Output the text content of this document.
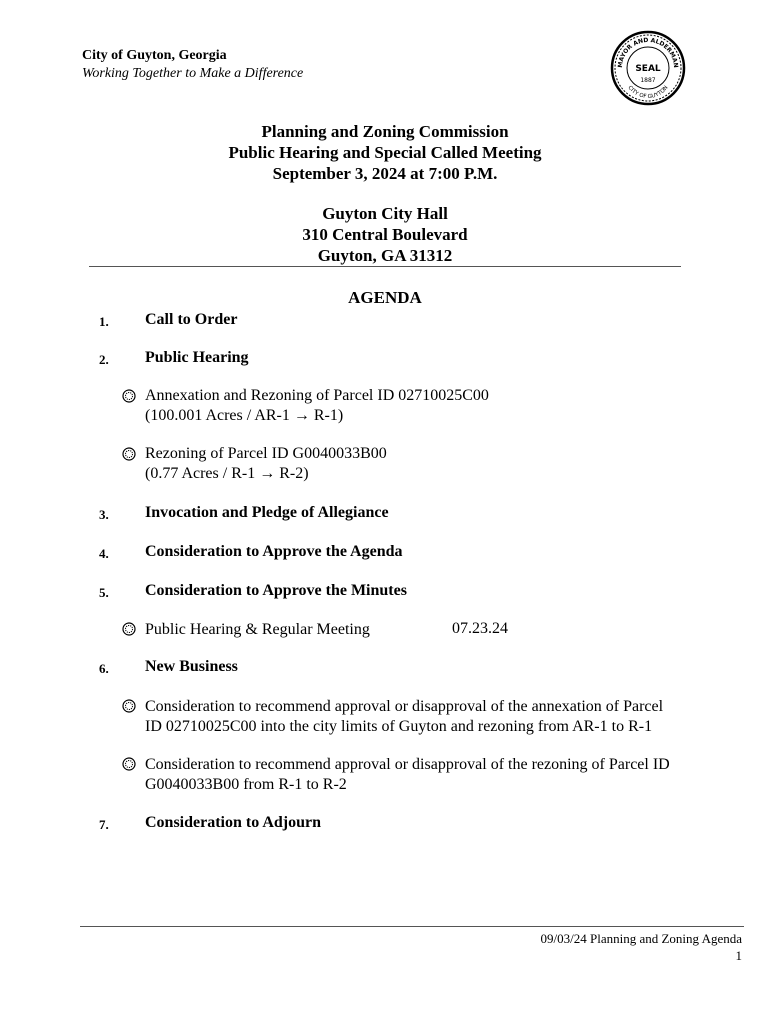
City of Guyton, Georgia
Working Together to Make a Difference
MAYOR AND ALDERMAN
CITY OF GUYTON
SEAL
1887
Planning and Zoning Commission
Public Hearing and Special Called Meeting
September 3, 2024 at 7:00 P.M.
Guyton City Hall
310 Central Boulevard
Guyton, GA 31312
AGENDA
1. Call to Order
2. Public Hearing
Annexation and Rezoning of Parcel ID 02710025C00
(100.001 Acres / AR-1 → R-1)
Rezoning of Parcel ID G0040033B00
(0.77 Acres / R-1 → R-2)
3. Invocation and Pledge of Allegiance
4. Consideration to Approve the Agenda
5. Consideration to Approve the Minutes
Public Hearing & Regular Meeting	07.23.24
6. New Business
Consideration to recommend approval or disapproval of the annexation of Parcel
ID 02710025C00 into the city limits of Guyton and rezoning from AR-1 to R-1
Consideration to recommend approval or disapproval of the rezoning of Parcel ID
G0040033B00 from R-1 to R-2
7. Consideration to Adjourn
09/03/24 Planning and Zoning Agenda
1
